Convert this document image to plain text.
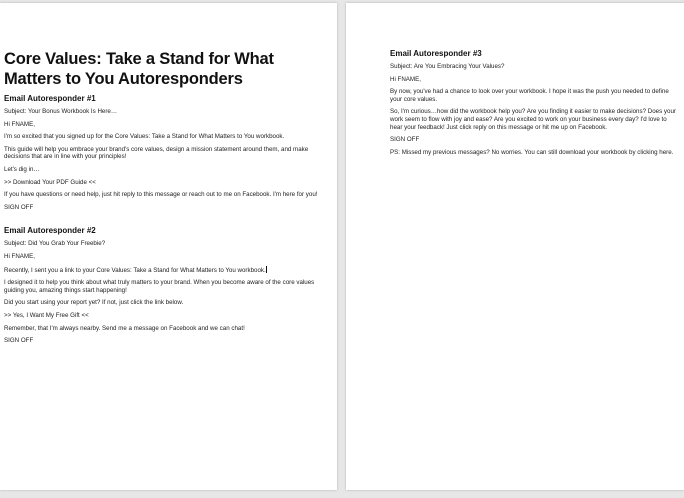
Core Values: Take a Stand for What Matters to You Autoresponders
Email Autoresponder #1

Subject: Your Bonus Workbook Is Here…

Hi FNAME,

I'm so excited that you signed up for the Core Values: Take a Stand for What Matters to You workbook.

This guide will help you embrace your brand's core values, design a mission statement around them, and make decisions that are in line with your principles!

Let's dig in…

>> Download Your PDF Guide <<

If you have questions or need help, just hit reply to this message or reach out to me on Facebook. I'm here for you!

SIGN OFF

Email Autoresponder #2

Subject: Did You Grab Your Freebie?

Hi FNAME,

Recently, I sent you a link to your Core Values: Take a Stand for What Matters to You workbook.

I designed it to help you think about what truly matters to your brand. When you become aware of the core values guiding you, amazing things start happening!

Did you start using your report yet? If not, just click the link below.

>> Yes, I Want My Free Gift <<

Remember, that I'm always nearby. Send me a message on Facebook and we can chat!

SIGN OFF

Email Autoresponder #3

Subject: Are You Embracing Your Values?

Hi FNAME,

By now, you've had a chance to look over your workbook. I hope it was the push you needed to define your core values.

So, I'm curious…how did the workbook help you? Are you finding it easier to make decisions? Does your work seem to flow with joy and ease? Are you excited to work on your business every day? I'd love to hear your feedback! Just click reply on this message or hit me up on Facebook.

SIGN OFF

PS: Missed my previous messages? No worries. You can still download your workbook by clicking here.
